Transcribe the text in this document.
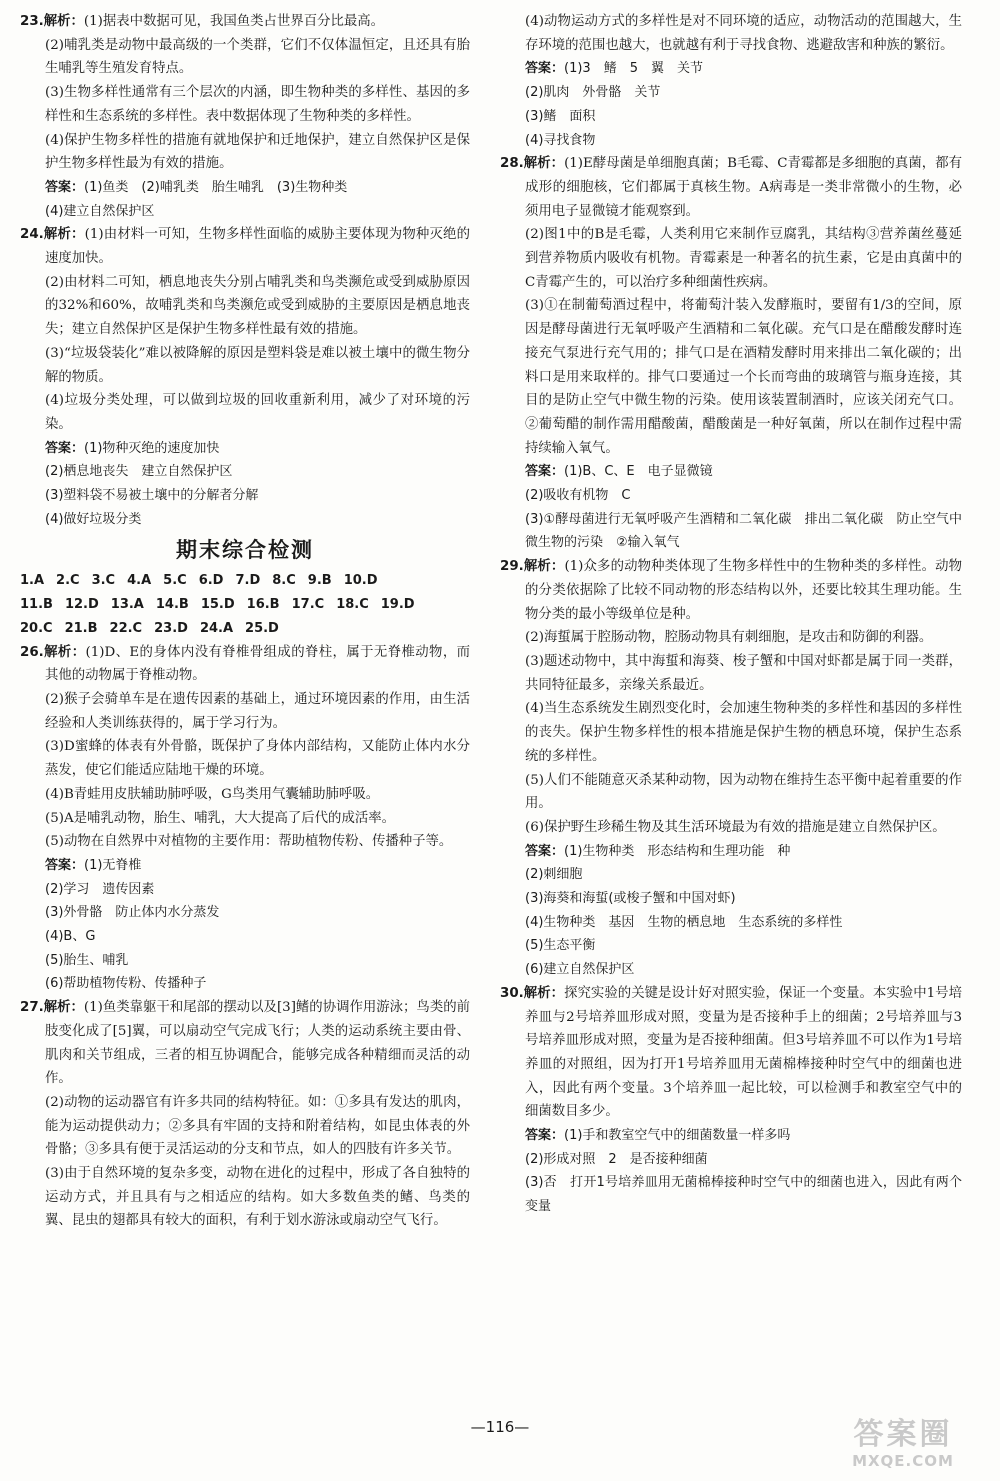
23.解析：(1)据表中数据可见，我国鱼类占世界百分比最高。

(2)哺乳类是动物中最高级的一个类群，它们不仅体温恒定，且还具有胎生哺乳等生殖发育特点。

(3)生物多样性通常有三个层次的内涵，即生物种类的多样性、基因的多样性和生态系统的多样性。表中数据体现了生物种类的多样性。

(4)保护生物多样性的措施有就地保护和迁地保护，建立自然保护区是保护生物多样性最为有效的措施。

答案：(1)鱼类　(2)哺乳类　胎生哺乳　(3)生物种类

(4)建立自然保护区

24.解析：(1)由材料一可知，生物多样性面临的威胁主要体现为物种灭绝的速度加快。

(2)由材料二可知，栖息地丧失分别占哺乳类和鸟类濒危或受到威胁原因的32%和60%，故哺乳类和鸟类濒危或受到威胁的主要原因是栖息地丧失；建立自然保护区是保护生物多样性最有效的措施。

(3)“垃圾袋装化”难以被降解的原因是塑料袋是难以被土壤中的微生物分解的物质。

(4)垃圾分类处理，可以做到垃圾的回收重新利用，减少了对环境的污染。

答案：(1)物种灭绝的速度加快

(2)栖息地丧失　建立自然保护区

(3)塑料袋不易被土壤中的分解者分解

(4)做好垃圾分类

期末综合检测
1.A 2.C 3.C 4.A 5.C 6.D 7.D 8.C 9.B 10.D
11.B 12.D 13.A 14.B 15.D 16.B 17.C 18.C 19.D
20.C 21.B 22.C 23.D 24.A 25.D

26.解析：(1)D、E的身体内没有脊椎骨组成的脊柱，属于无脊椎动物，而其他的动物属于脊椎动物。

(2)猴子会骑单车是在遗传因素的基础上，通过环境因素的作用，由生活经验和人类训练获得的，属于学习行为。

(3)D蜜蜂的体表有外骨骼，既保护了身体内部结构，又能防止体内水分蒸发，使它们能适应陆地干燥的环境。

(4)B青蛙用皮肤辅助肺呼吸，G鸟类用气囊辅助肺呼吸。

(5)A是哺乳动物，胎生、哺乳，大大提高了后代的成活率。

(5)动物在自然界中对植物的主要作用：帮助植物传粉、传播种子等。

答案：(1)无脊椎

(2)学习　遗传因素

(3)外骨骼　防止体内水分蒸发

(4)B、G

(5)胎生、哺乳

(6)帮助植物传粉、传播种子

27.解析：(1)鱼类靠躯干和尾部的摆动以及[3]鳍的协调作用游泳；鸟类的前肢变化成了[5]翼，可以扇动空气完成飞行；人类的运动系统主要由骨、肌肉和关节组成，三者的相互协调配合，能够完成各种精细而灵活的动作。

(2)动物的运动器官有许多共同的结构特征。如：①多具有发达的肌肉，能为运动提供动力；②多具有牢固的支持和附着结构，如昆虫体表的外骨骼；③多具有便于灵活运动的分支和节点，如人的四肢有许多关节。

(3)由于自然环境的复杂多变，动物在进化的过程中，形成了各自独特的运动方式，并且具有与之相适应的结构。如大多数鱼类的鳍、鸟类的翼、昆虫的翅都具有较大的面积，有利于划水游泳或扇动空气飞行。

(4)动物运动方式的多样性是对不同环境的适应，动物活动的范围越大，生存环境的范围也越大，也就越有利于寻找食物、逃避敌害和种族的繁衍。

答案：(1)3　鳍　5　翼　关节

(2)肌肉　外骨骼　关节

(3)鳍　面积

(4)寻找食物

28.解析：(1)E酵母菌是单细胞真菌；B毛霉、C青霉都是多细胞的真菌，都有成形的细胞核，它们都属于真核生物。A病毒是一类非常微小的生物，必须用电子显微镜才能观察到。

(2)图1中的B是毛霉，人类利用它来制作豆腐乳，其结构③营养菌丝蔓延到营养物质内吸收有机物。青霉素是一种著名的抗生素，它是由真菌中的C青霉产生的，可以治疗多种细菌性疾病。

(3)①在制葡萄酒过程中，将葡萄汁装入发酵瓶时，要留有1/3的空间，原因是酵母菌进行无氧呼吸产生酒精和二氧化碳。充气口是在醋酸发酵时连接充气泵进行充气用的；排气口是在酒精发酵时用来排出二氧化碳的；出料口是用来取样的。排气口要通过一个长而弯曲的玻璃管与瓶身连接，其目的是防止空气中微生物的污染。使用该装置制酒时，应该关闭充气口。②葡萄醋的制作需用醋酸菌，醋酸菌是一种好氧菌，所以在制作过程中需持续输入氧气。

答案：(1)B、C、E　电子显微镜

(2)吸收有机物　C

(3)①酵母菌进行无氧呼吸产生酒精和二氧化碳　排出二氧化碳　防止空气中微生物的污染　②输入氧气

29.解析：(1)众多的动物种类体现了生物多样性中的生物种类的多样性。动物的分类依据除了比较不同动物的形态结构以外，还要比较其生理功能。生物分类的最小等级单位是种。

(2)海蜇属于腔肠动物，腔肠动物具有刺细胞，是攻击和防御的利器。

(3)题述动物中，其中海蜇和海葵、梭子蟹和中国对虾都是属于同一类群，共同特征最多，亲缘关系最近。

(4)当生态系统发生剧烈变化时，会加速生物种类的多样性和基因的多样性的丧失。保护生物多样性的根本措施是保护生物的栖息环境，保护生态系统的多样性。

(5)人们不能随意灭杀某种动物，因为动物在维持生态平衡中起着重要的作用。

(6)保护野生珍稀生物及其生活环境最为有效的措施是建立自然保护区。

答案：(1)生物种类　形态结构和生理功能　种

(2)刺细胞

(3)海葵和海蜇(或梭子蟹和中国对虾)

(4)生物种类　基因　生物的栖息地　生态系统的多样性

(5)生态平衡

(6)建立自然保护区

30.解析：探究实验的关键是设计好对照实验，保证一个变量。本实验中1号培养皿与2号培养皿形成对照，变量为是否接种手上的细菌；2号培养皿与3号培养皿形成对照，变量为是否接种细菌。但3号培养皿不可以作为1号培养皿的对照组，因为打开1号培养皿用无菌棉棒接种时空气中的细菌也进入，因此有两个变量。3个培养皿一起比较，可以检测手和教室空气中的细菌数目多少。

答案：(1)手和教室空气中的细菌数量一样多吗

(2)形成对照　2　是否接种细菌

(3)否　打开1号培养皿用无菌棉棒接种时空气中的细菌也进入，因此有两个变量

—116—	答案圈
MXQE.COM
